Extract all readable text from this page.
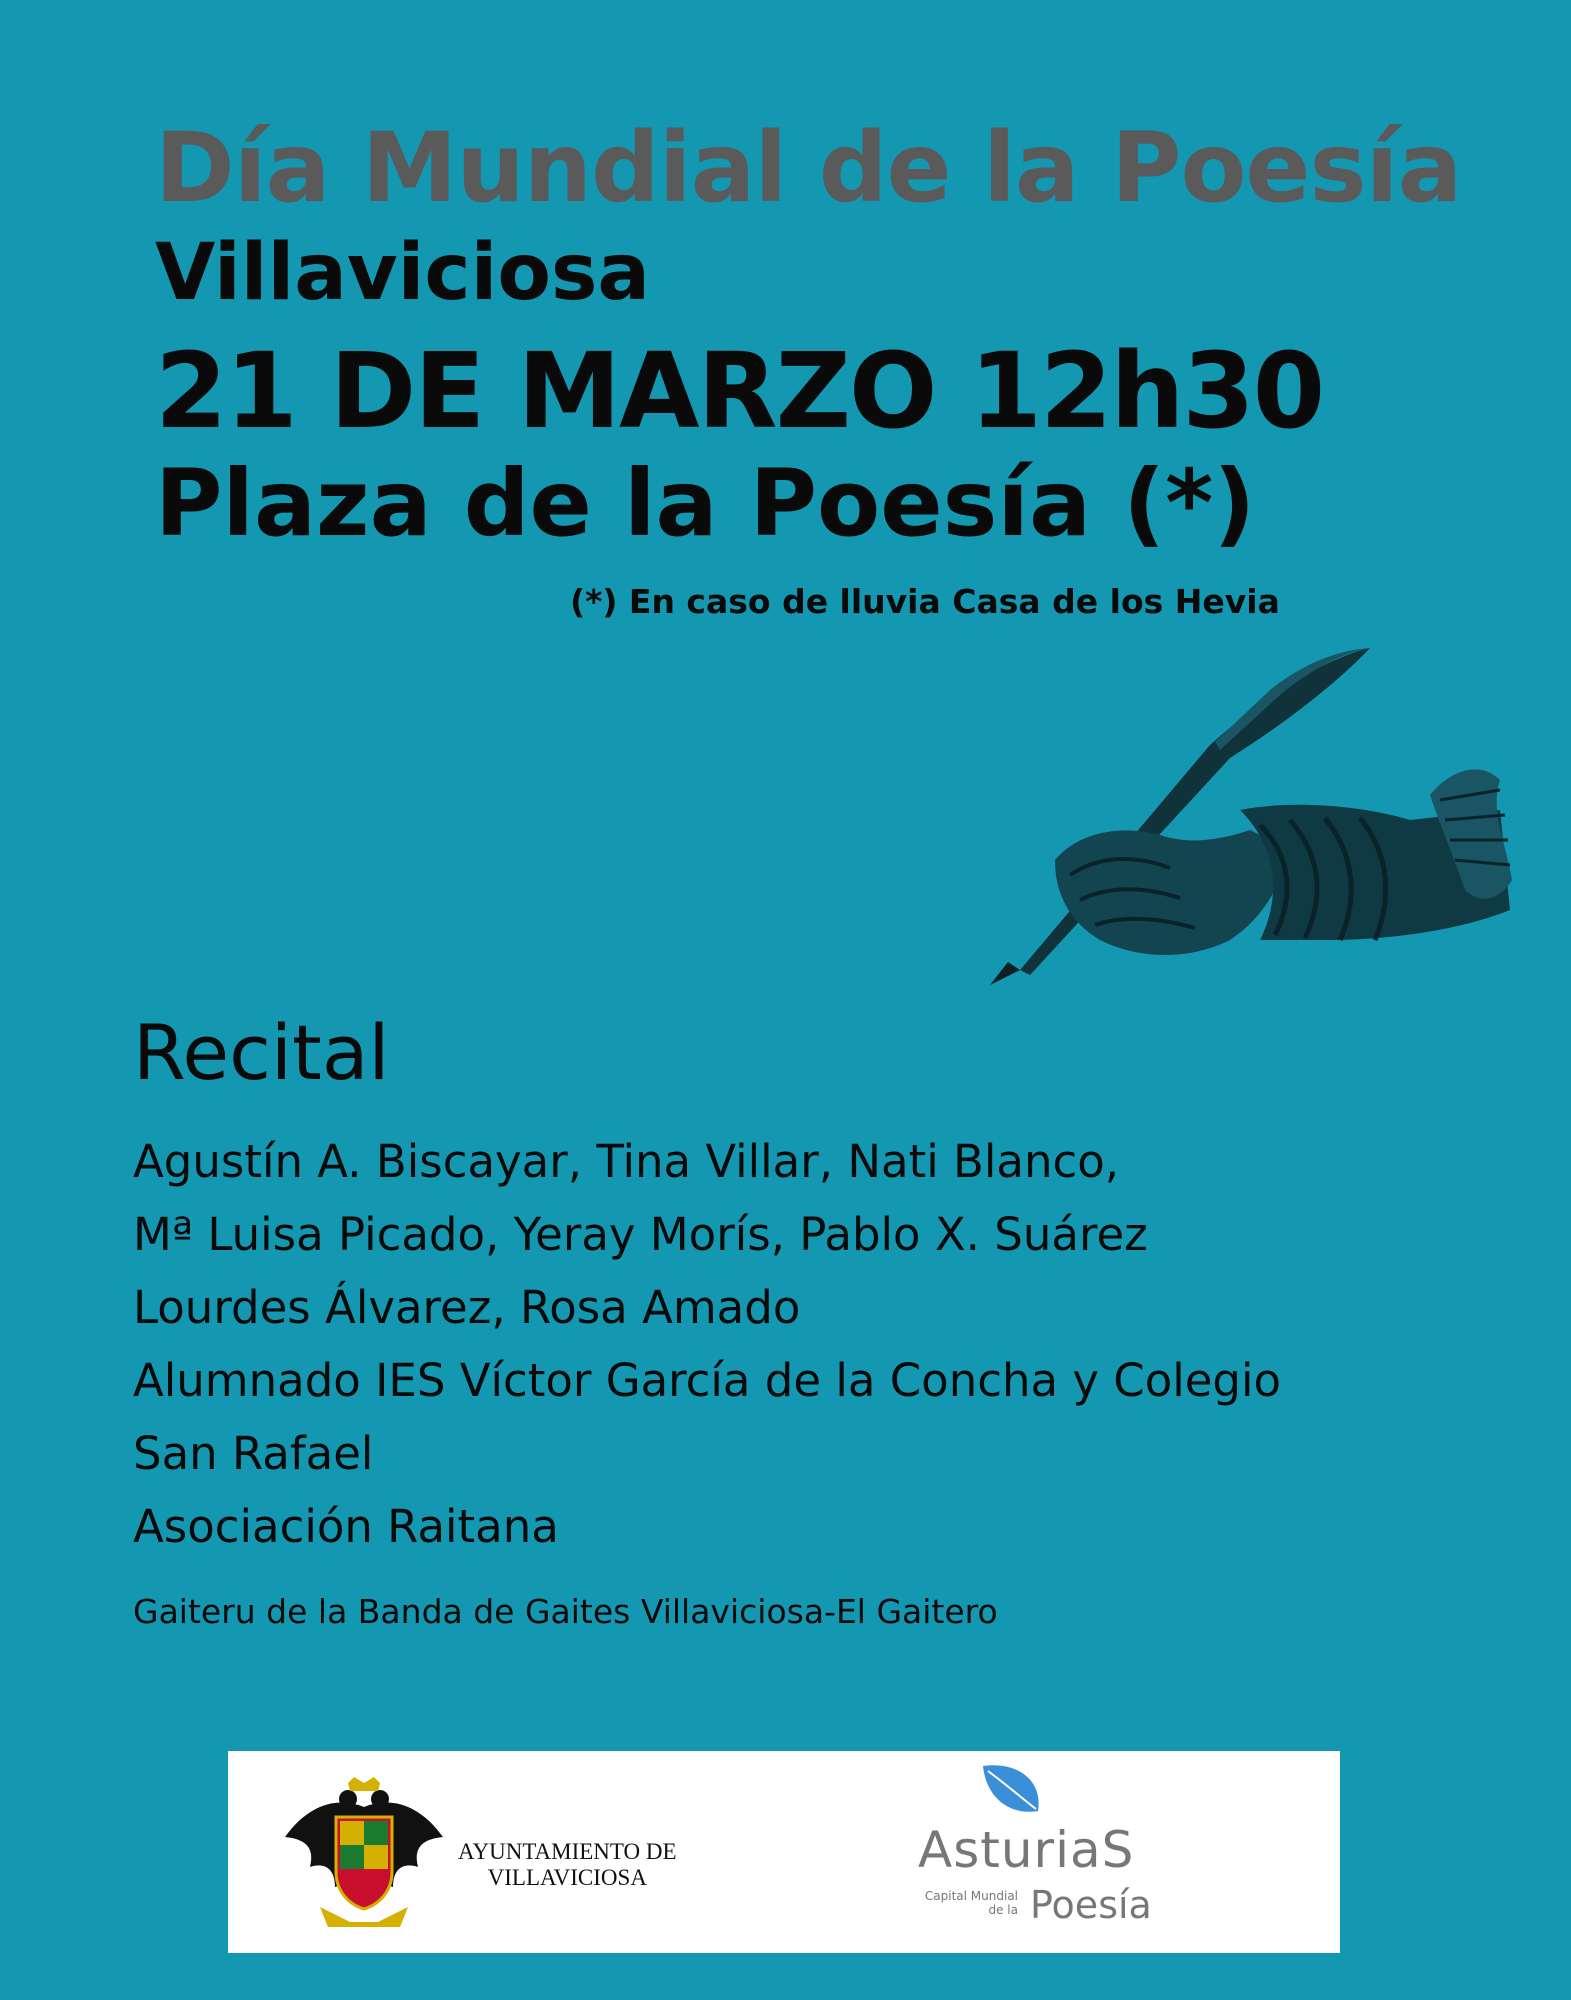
Día Mundial de la Poesía
Villaviciosa
21 DE MARZO 12h30
Plaza de la Poesía (*)
(*) En caso de lluvia Casa de los Hevia
Recital
Agustín A. Biscayar, Tina Villar, Nati Blanco,
Mª Luisa Picado, Yeray Morís, Pablo X. Suárez
Lourdes Álvarez, Rosa Amado
Alumnado IES Víctor García de la Concha y Colegio
San Rafael
Asociación Raitana
Gaiteru de la Banda de Gaites Villaviciosa-El Gaitero
AYUNTAMIENTO DE
VILLAVICIOSA	AsturiaS
Capital Mundial de la Poesía
